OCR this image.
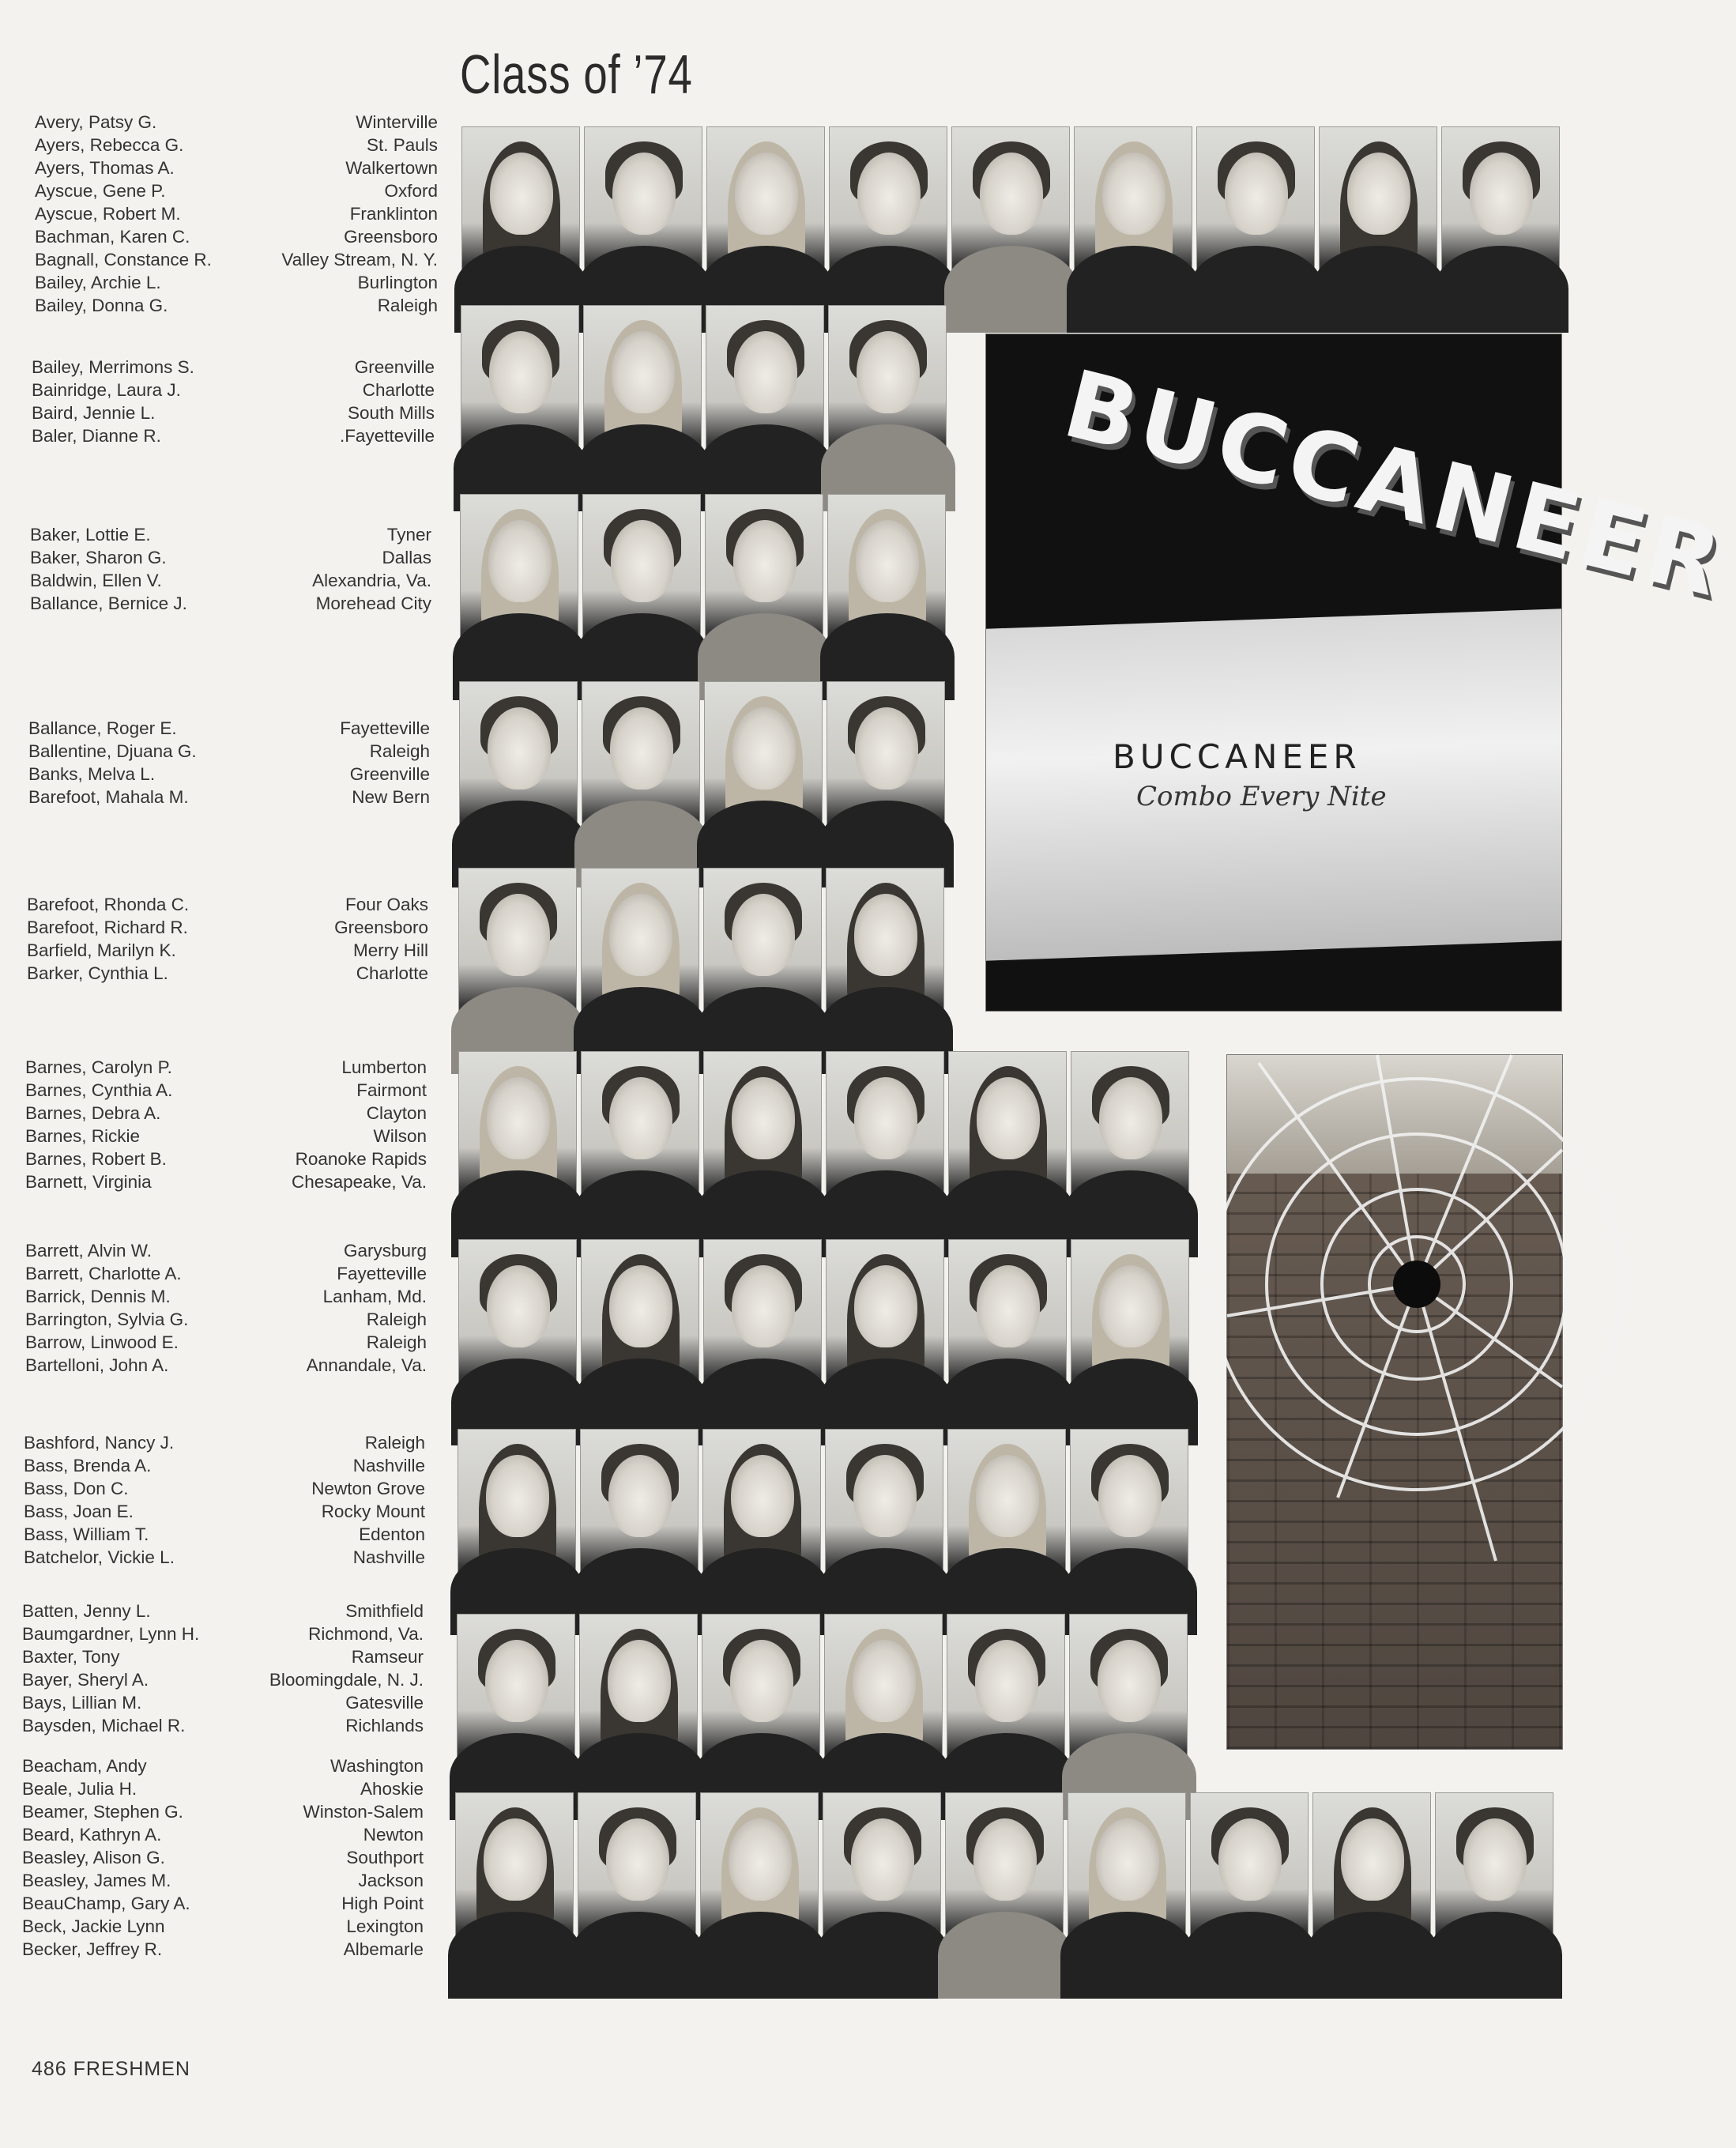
Class of ’74
Avery, Patsy G.
Ayers, Rebecca G.
Ayers, Thomas A.
Ayscue, Gene P.
Ayscue, Robert M.
Bachman, Karen C.
Bagnall, Constance R.
Bailey, Archie L.
Bailey, Donna G.
Winterville
St. Pauls
Walkertown
Oxford
Franklinton
Greensboro
Valley Stream, N. Y.
Burlington
Raleigh
Bailey, Merrimons S.
Bainridge, Laura J.
Baird, Jennie L.
Baler, Dianne R.
Greenville
Charlotte
South Mills
.Fayetteville
Baker, Lottie E.
Baker, Sharon G.
Baldwin, Ellen V.
Ballance, Bernice J.
Tyner
Dallas
Alexandria, Va.
Morehead City
Ballance, Roger E.
Ballentine, Djuana G.
Banks, Melva L.
Barefoot, Mahala M.
Fayetteville
Raleigh
Greenville
New Bern
Barefoot, Rhonda C.
Barefoot, Richard R.
Barfield, Marilyn K.
Barker, Cynthia L.
Four Oaks
Greensboro
Merry Hill
Charlotte
Barnes, Carolyn P.
Barnes, Cynthia A.
Barnes, Debra A.
Barnes, Rickie
Barnes, Robert B.
Barnett, Virginia
Lumberton
Fairmont
Clayton
Wilson
Roanoke Rapids
Chesapeake, Va.
Barrett, Alvin W.
Barrett, Charlotte A.
Barrick, Dennis M.
Barrington, Sylvia G.
Barrow, Linwood E.
Bartelloni, John A.
Garysburg
Fayetteville
Lanham, Md.
Raleigh
Raleigh
Annandale, Va.
Bashford, Nancy J.
Bass, Brenda A.
Bass, Don C.
Bass, Joan E.
Bass, William T.
Batchelor, Vickie L.
Raleigh
Nashville
Newton Grove
Rocky Mount
Edenton
Nashville
Batten, Jenny L.
Baumgardner, Lynn H.
Baxter, Tony
Bayer, Sheryl A.
Bays, Lillian M.
Baysden, Michael R.
Smithfield
Richmond, Va.
Ramseur
Bloomingdale, N. J.
Gatesville
Richlands
Beacham, Andy
Beale, Julia H.
Beamer, Stephen G.
Beard, Kathryn A.
Beasley, Alison G.
Beasley, James M.
BeauChamp, Gary A.
Beck, Jackie Lynn
Becker, Jeffrey R.
Washington
Ahoskie
Winston-Salem
Newton
Southport
Jackson
High Point
Lexington
Albemarle
BUCCANEER
BUCCANEER
Combo Every Nite
486 FRESHMEN
